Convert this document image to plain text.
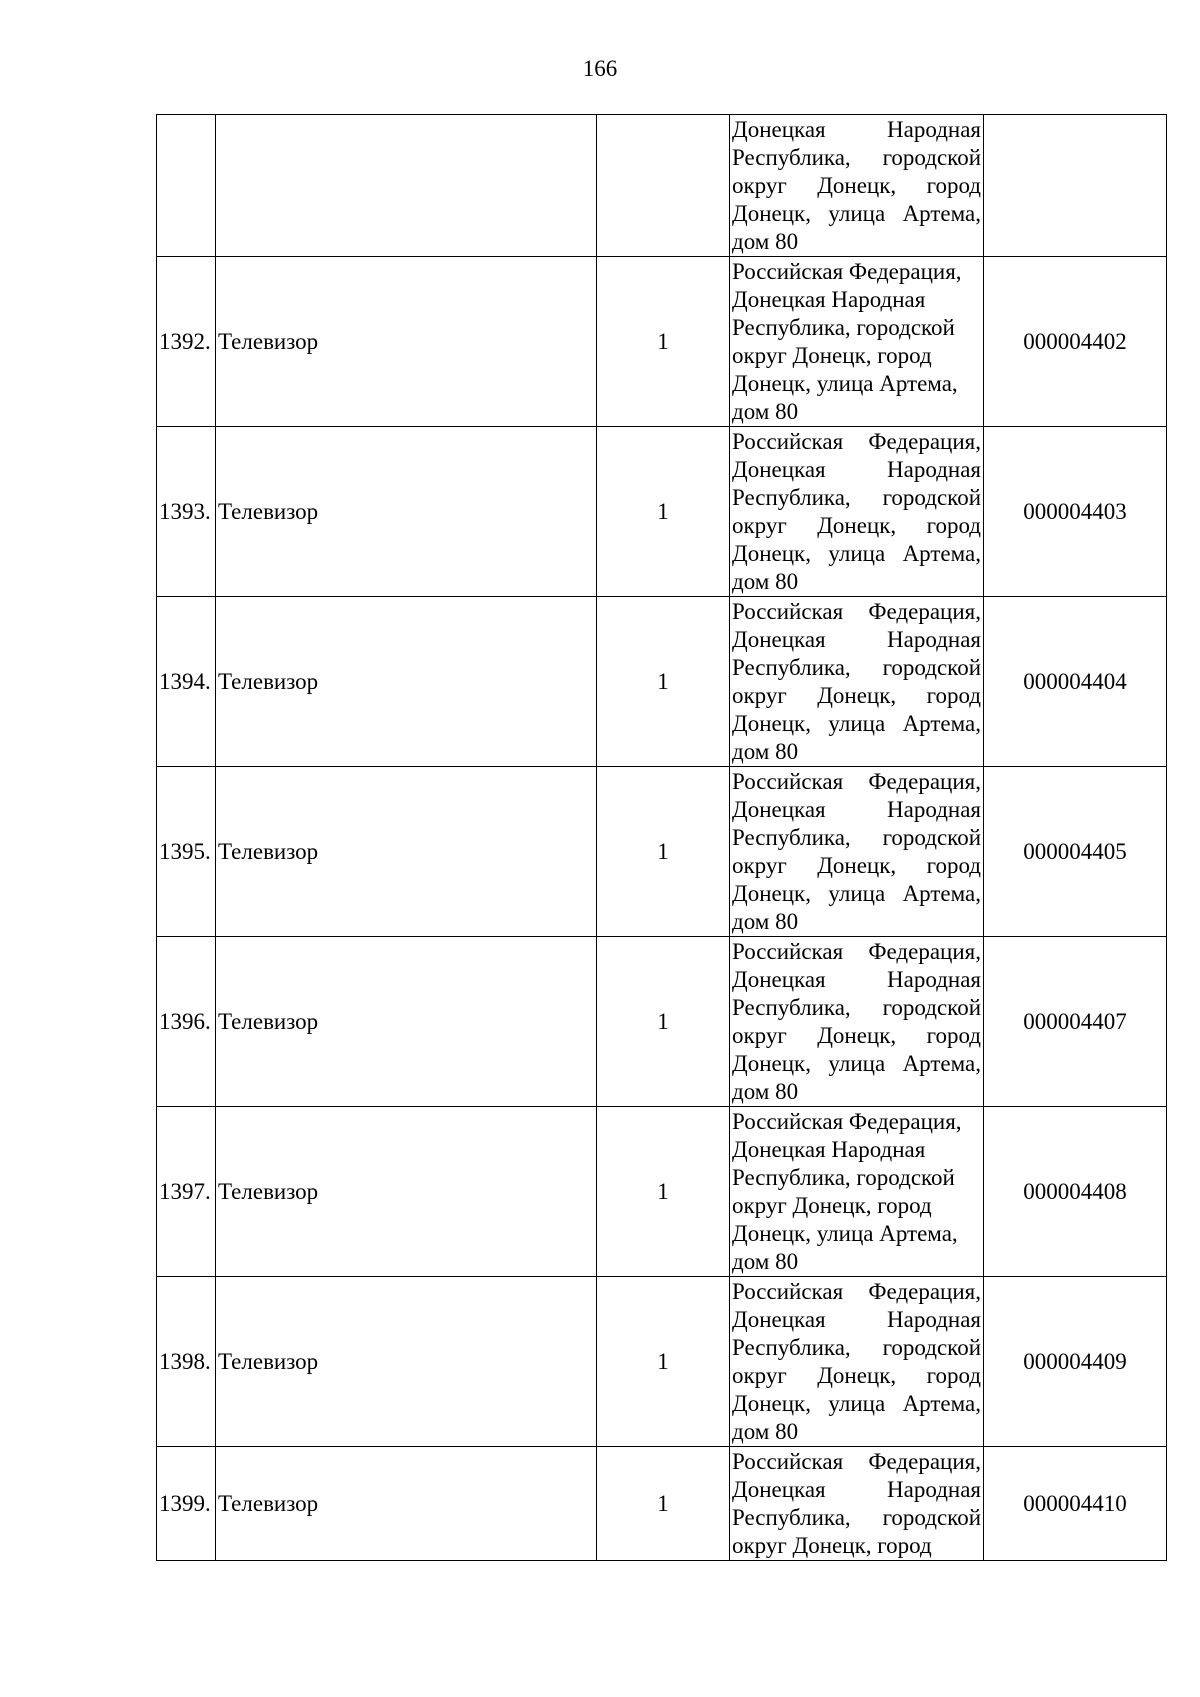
166

			Донецкая Народная Республика, городской округ Донецк, город Донецк, улица Артема, дом 80	

1392.	Телевизор	1	Российская Федерация, Донецкая Народная Республика, городской округ Донецк, город Донецк, улица Артема, дом 80	000004402
1393.	Телевизор	1	Российская Федерация, Донецкая Народная Республика, городской округ Донецк, город Донецк, улица Артема, дом 80	000004403
1394.	Телевизор	1	Российская Федерация, Донецкая Народная Республика, городской округ Донецк, город Донецк, улица Артема, дом 80	000004404
1395.	Телевизор	1	Российская Федерация, Донецкая Народная Республика, городской округ Донецк, город Донецк, улица Артема, дом 80	000004405
1396.	Телевизор	1	Российская Федерация, Донецкая Народная Республика, городской округ Донецк, город Донецк, улица Артема, дом 80	000004407
1397.	Телевизор	1	Российская Федерация, Донецкая Народная Республика, городской округ Донецк, город Донецк, улица Артема, дом 80	000004408
1398.	Телевизор	1	Российская Федерация, Донецкая Народная Республика, городской округ Донецк, город Донецк, улица Артема, дом 80	000004409
1399.	Телевизор	1	Российская Федерация, Донецкая Народная Республика, городской округ Донецк, город	000004410
